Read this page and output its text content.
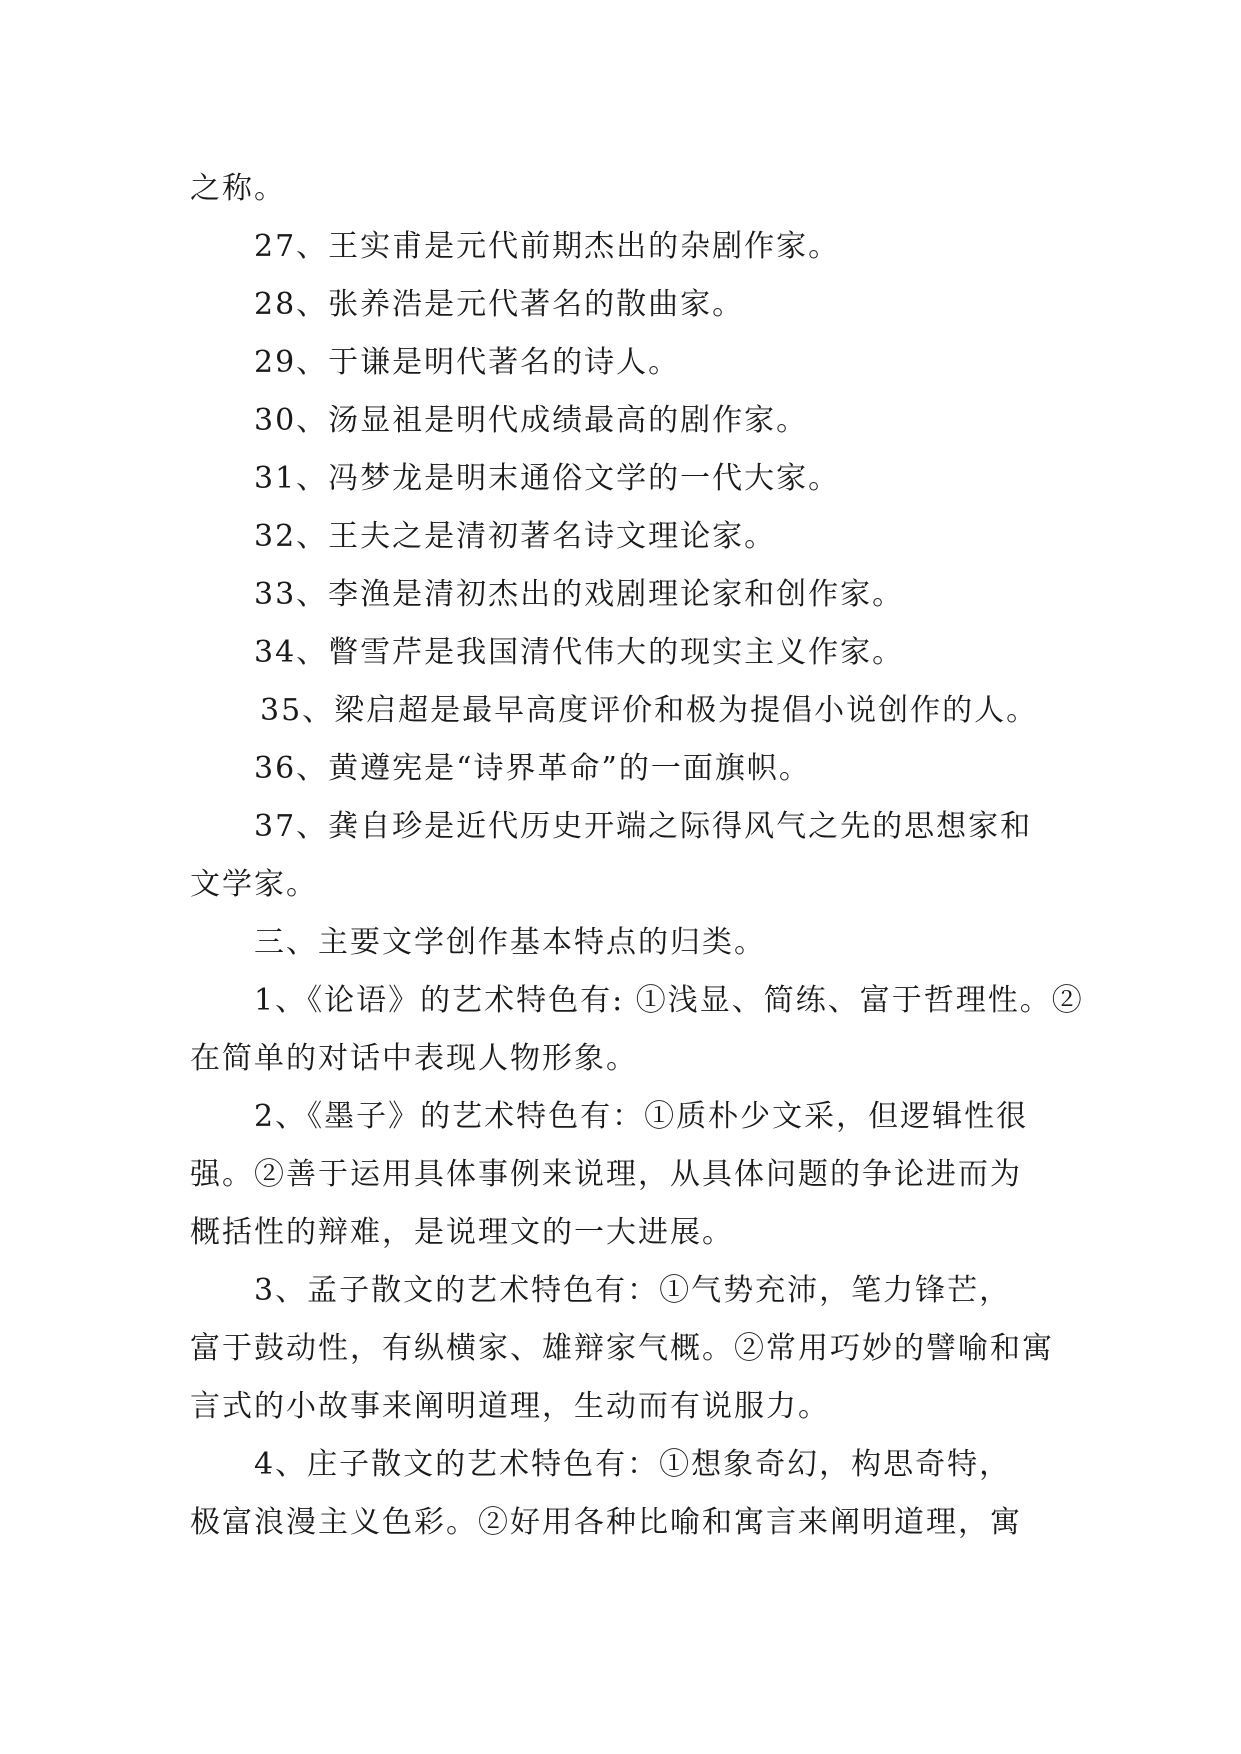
之称。
27、王实甫是元代前期杰出的杂剧作家。
28、张养浩是元代著名的散曲家。
29、于谦是明代著名的诗人。
30、汤显祖是明代成绩最高的剧作家。
31、冯梦龙是明末通俗文学的一代大家。
32、王夫之是清初著名诗文理论家。
33、李渔是清初杰出的戏剧理论家和创作家。
34、瞥雪芹是我国清代伟大的现实主义作家。
35、梁启超是最早高度评价和极为提倡小说创作的人。
36、黄遵宪是“诗界革命”的一面旗帜。
37、龚自珍是近代历史开端之际得风气之先的思想家和
文学家。
三、主要文学创作基本特点的归类。
1、《论语》的艺术特色有: ①浅显、简练、富于哲理性。②
在简单的对话中表现人物形象。
2、《墨子》的艺术特色有：①质朴少文采，但逻辑性很
强。②善于运用具体事例来说理，从具体问题的争论进而为
概括性的辩难，是说理文的一大进展。
3、孟子散文的艺术特色有：①气势充沛，笔力锋芒，
富于鼓动性，有纵横家、雄辩家气概。②常用巧妙的譬喻和寓
言式的小故事来阐明道理，生动而有说服力。
4、庄子散文的艺术特色有：①想象奇幻，构思奇特，
极富浪漫主义色彩。②好用各种比喻和寓言来阐明道理，寓
